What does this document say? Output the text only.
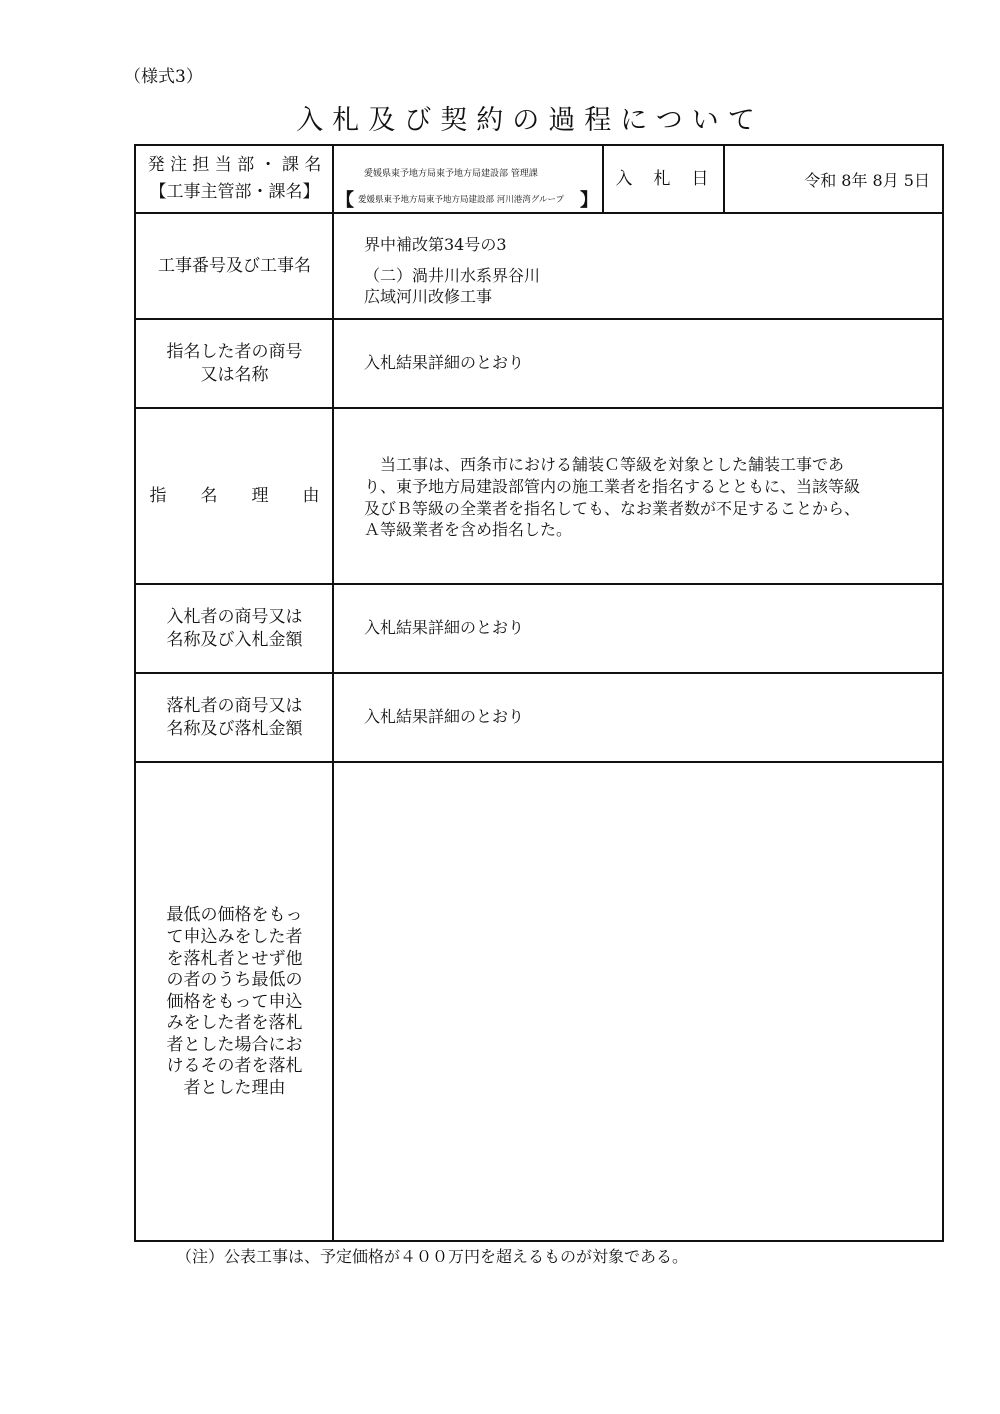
（様式3）
入札及び契約の過程について
発 注 担 当 部 ・ 課 名
【工事主管部・課名】
愛媛県東予地方局東予地方局建設部 管理課
【 愛媛県東予地方局東予地方局建設部 河川港湾グループ 】
入　札　日	令和 8年 8月 5日
工事番号及び工事名
界中補改第34号の3
（二）渦井川水系界谷川
広域河川改修工事
指名した者の商号
又は名称
入札結果詳細のとおり
指　　名　　理　　由
　当工事は、西条市における舗装Ｃ等級を対象とした舗装工事であ
り、東予地方局建設部管内の施工業者を指名するとともに、当該等級
及びＢ等級の全業者を指名しても、なお業者数が不足することから、
Ａ等級業者を含め指名した。
入札者の商号又は
名称及び入札金額
入札結果詳細のとおり
落札者の商号又は
名称及び落札金額
入札結果詳細のとおり
最低の価格をもっ
て申込みをした者
を落札者とせず他
の者のうち最低の
価格をもって申込
みをした者を落札
者とした場合にお
けるその者を落札
者とした理由
（注）公表工事は、予定価格が４００万円を超えるものが対象である。
